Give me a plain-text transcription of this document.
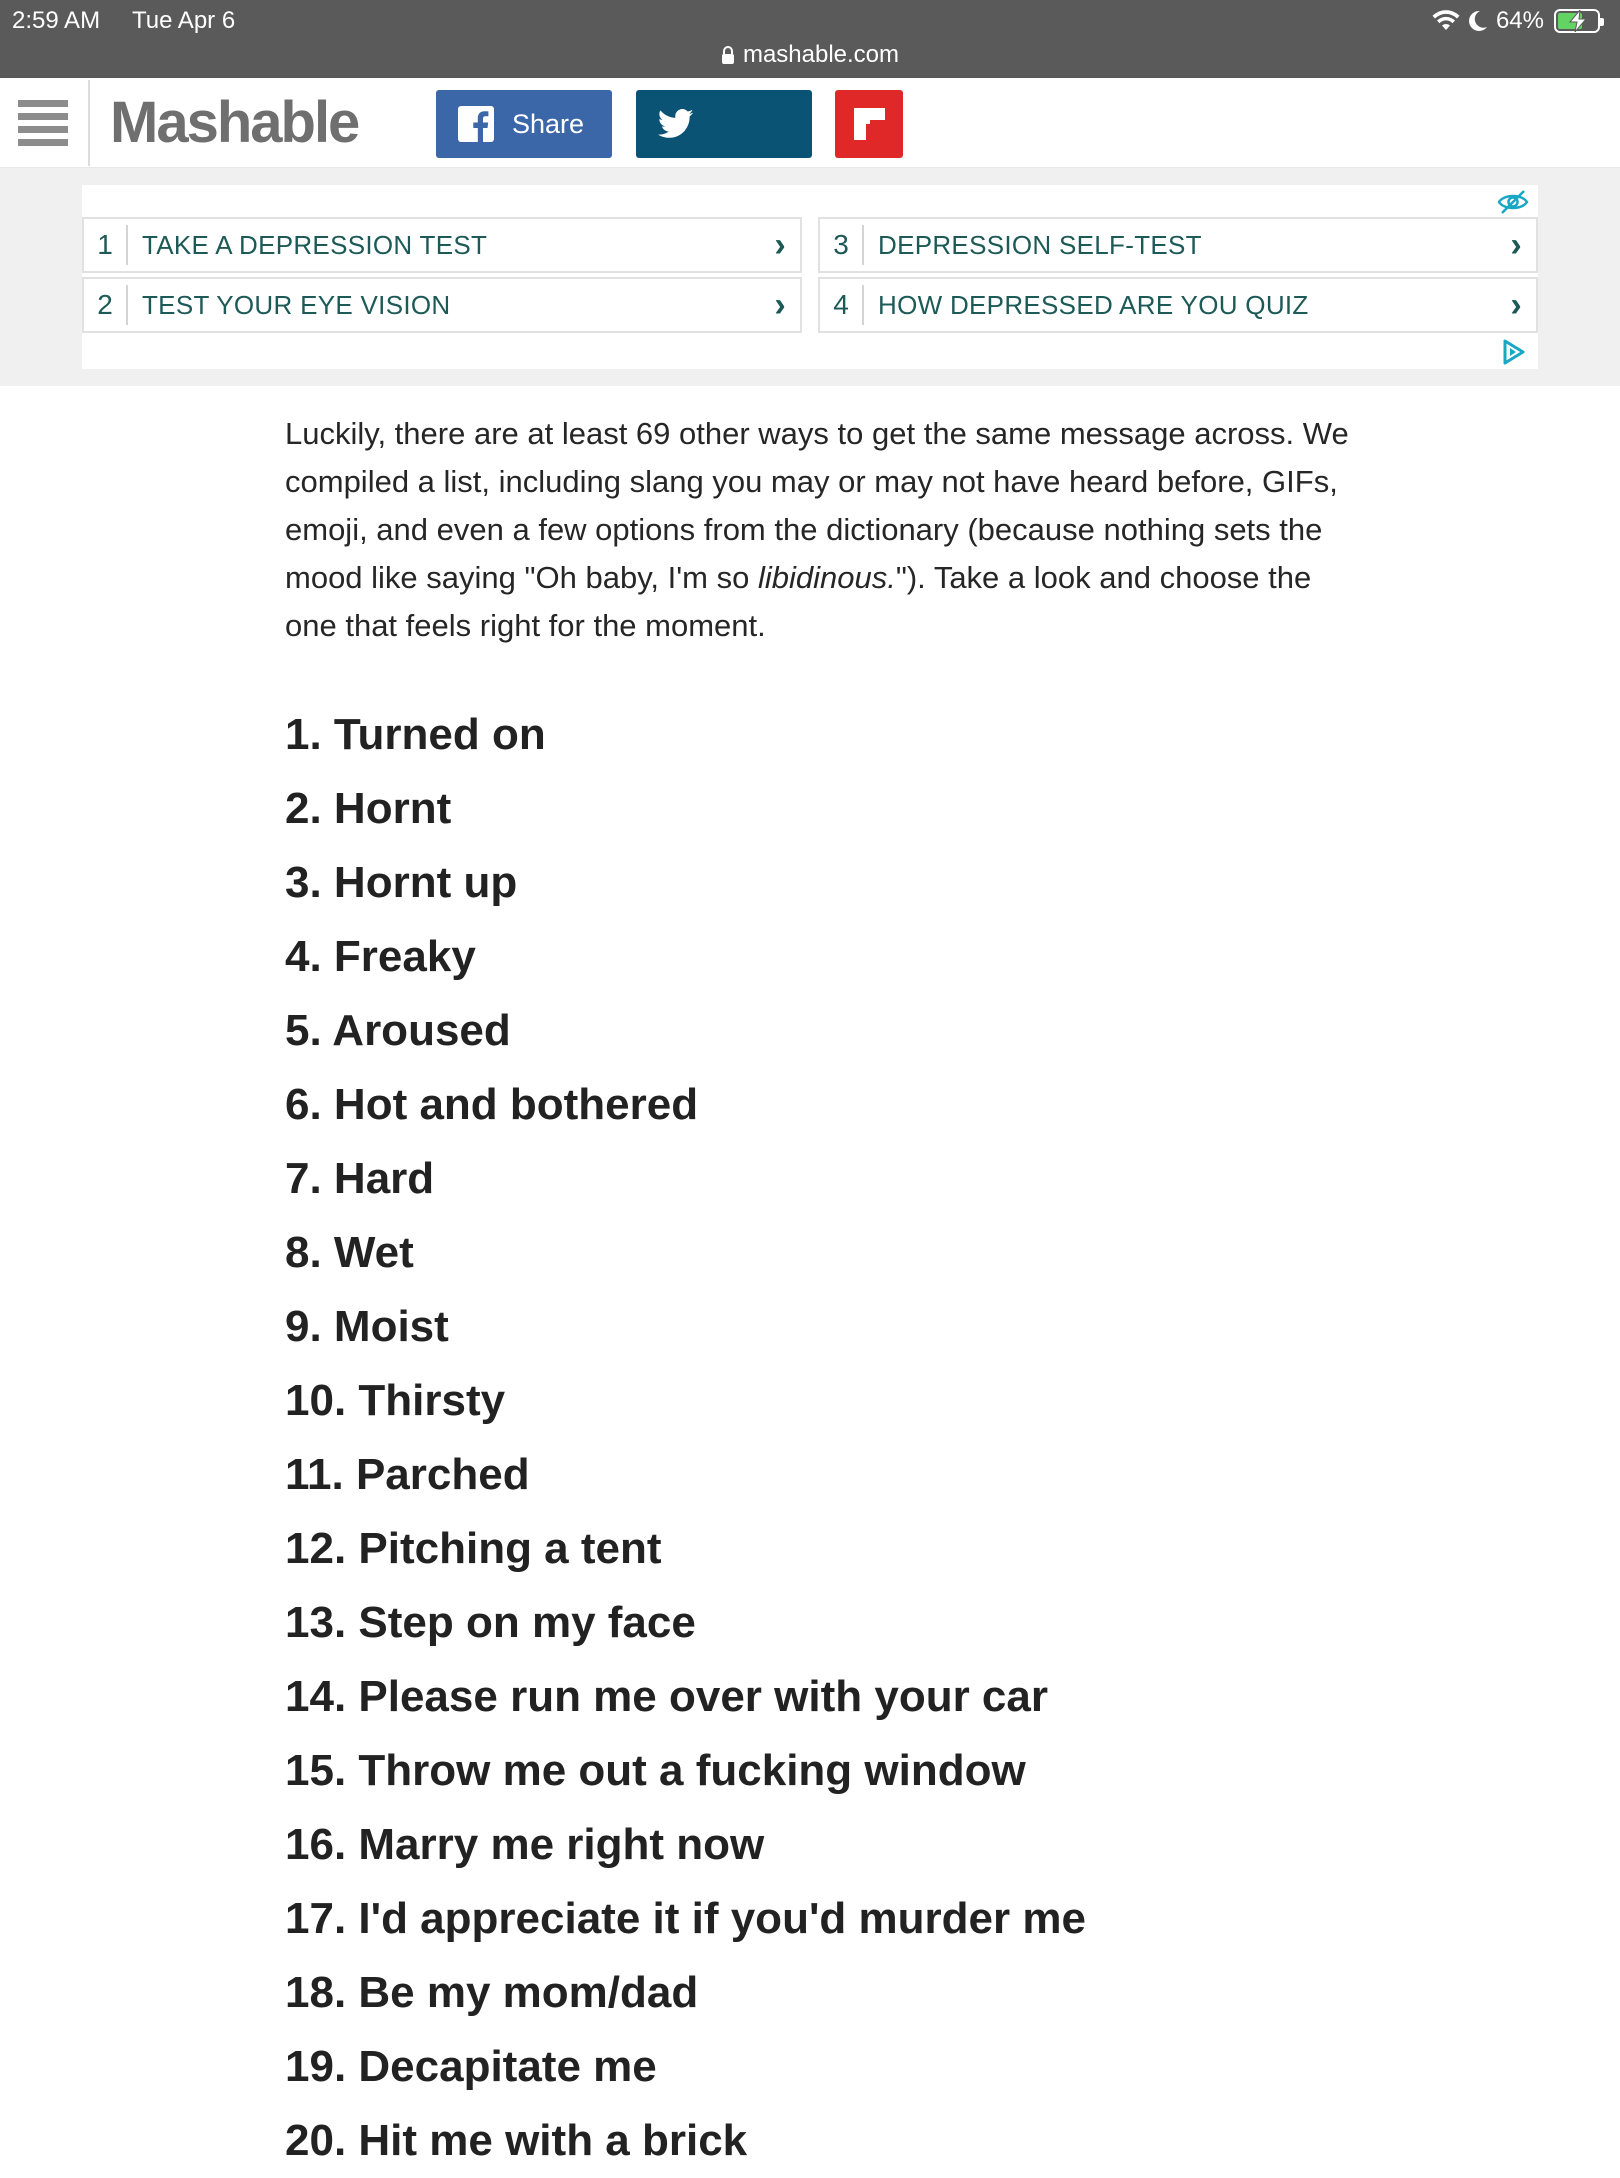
2:59 AM Tue Apr 6	64%
mashable.com
Mashable	Share
1	TAKE A DEPRESSION TEST	›
2	TEST YOUR EYE VISION	›
3	DEPRESSION SELF-TEST	›
4	HOW DEPRESSED ARE YOU QUIZ	›

Luckily, there are at least 69 other ways to get the same message across. We compiled a list, including slang you may or may not have heard before, GIFs, emoji, and even a few options from the dictionary (because nothing sets the mood like saying "Oh baby, I'm so libidinous."). Take a look and choose the one that feels right for the moment.

1. Turned on
2. Hornt
3. Hornt up
4. Freaky
5. Aroused
6. Hot and bothered
7. Hard
8. Wet
9. Moist
10. Thirsty
11. Parched
12. Pitching a tent
13. Step on my face
14. Please run me over with your car
15. Throw me out a fucking window
16. Marry me right now
17. I'd appreciate it if you'd murder me
18. Be my mom/dad
19. Decapitate me
20. Hit me with a brick
